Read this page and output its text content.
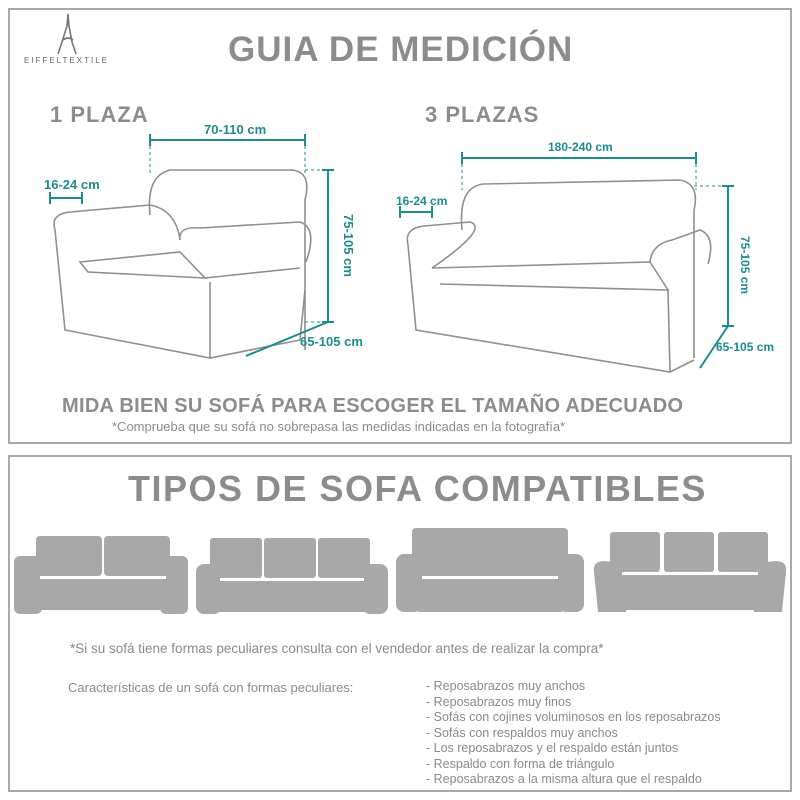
EIFFELTEXTILE	GUIA DE MEDICIÓN
1 PLAZA	3 PLAZAS
70-110 cm
16-24 cm
75-105 cm
65-105 cm
180-240 cm
16-24 cm
75-105 cm
65-105 cm
MIDA BIEN SU SOFÁ PARA ESCOGER EL TAMAÑO ADECUADO
*Comprueba que su sofá no sobrepasa las medidas indicadas en la fotografía*
TIPOS DE SOFA COMPATIBLES
*Si su sofá tiene formas peculiares consulta con el vendedor antes de realizar la compra*
Características de un sofá con formas peculiares:	- Reposabrazos muy anchos
- Reposabrazos muy finos
- Sofás con cojines voluminosos en los reposabrazos
- Sofás con respaldos muy anchos
- Los reposabrazos y el respaldo están juntos
- Respaldo con forma de triángulo
- Reposabrazos a la misma altura que el respaldo
